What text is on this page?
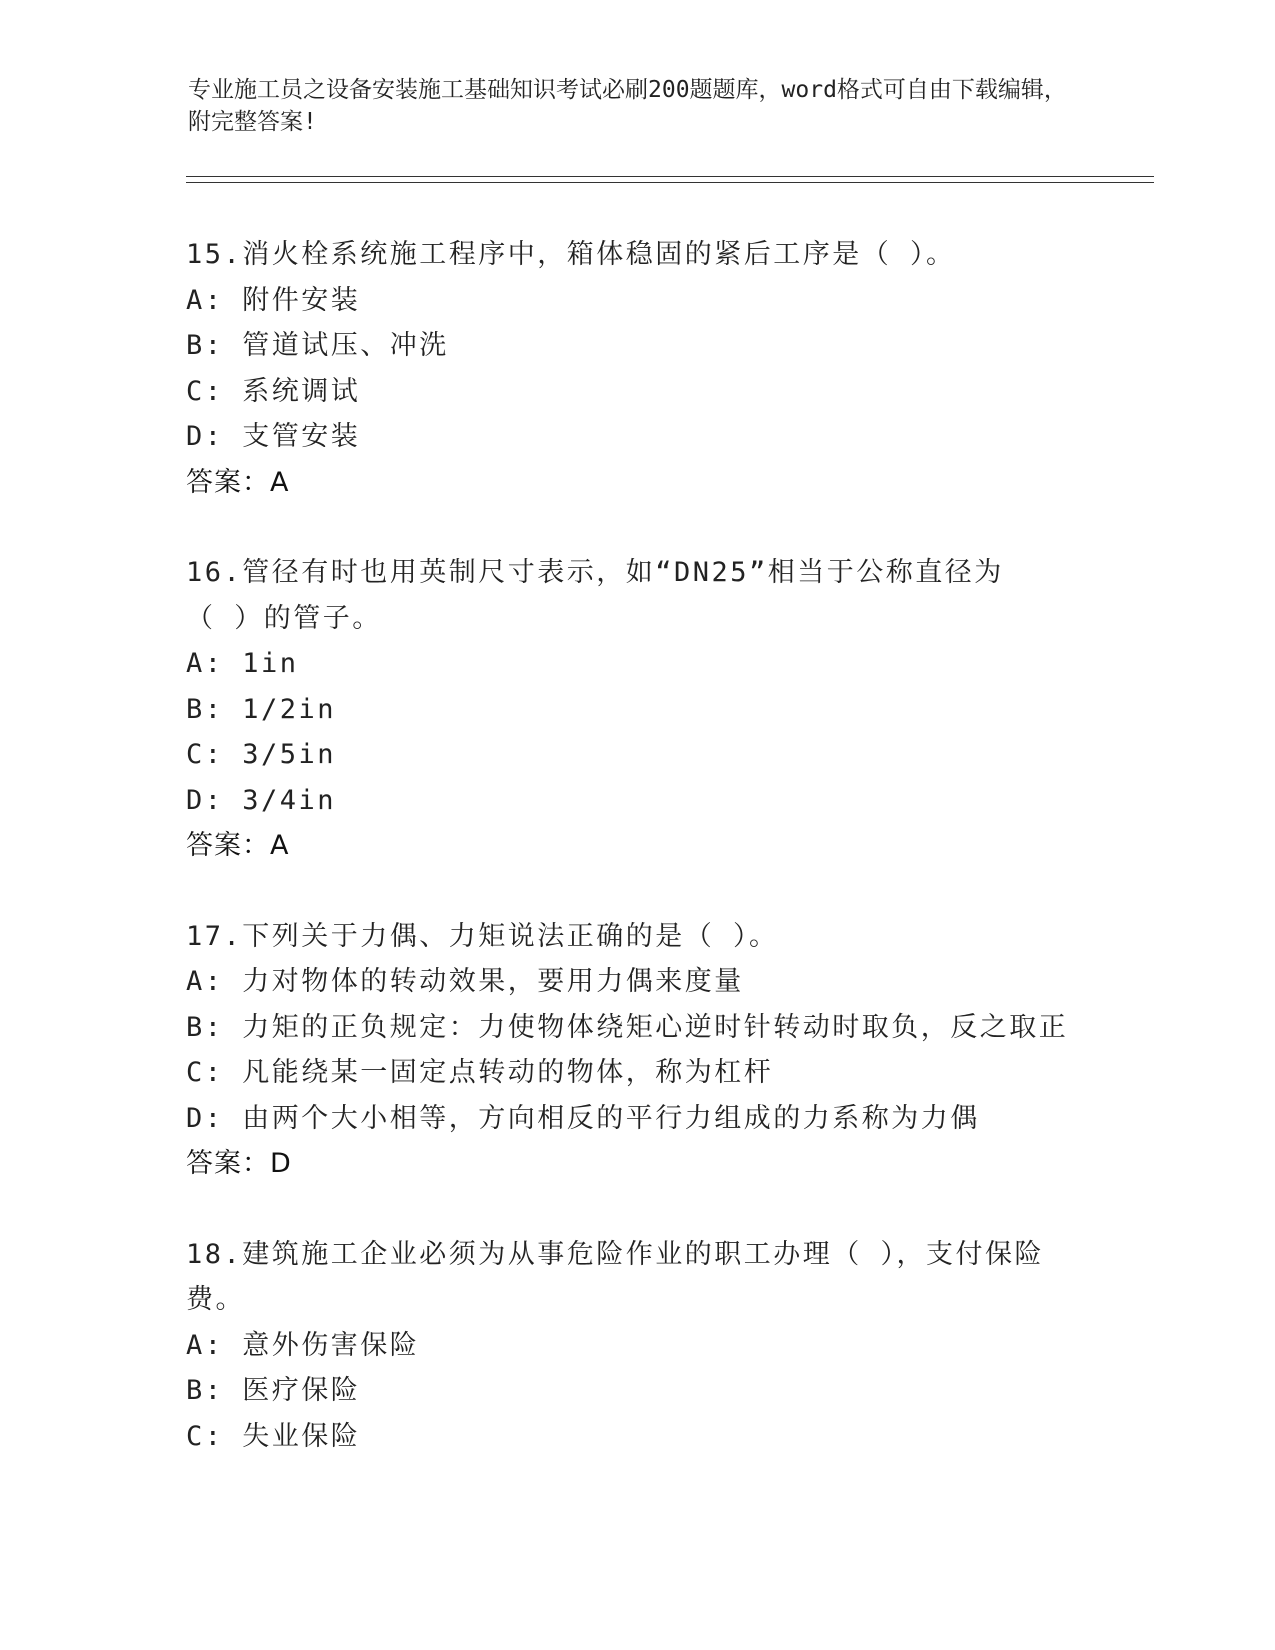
专业施工员之设备安装施工基础知识考试必刷200题题库，word格式可自由下载编辑，附完整答案!
15.消火栓系统施工程序中，箱体稳固的紧后工序是（ ）。
A: 附件安装
B: 管道试压、冲洗
C: 系统调试
D: 支管安装
答案：A
16.管径有时也用英制尺寸表示，如“DN25”相当于公称直径为（ ）的管子。
A: 1in
B: 1/2in
C: 3/5in
D: 3/4in
答案：A
17.下列关于力偶、力矩说法正确的是（ ）。
A: 力对物体的转动效果，要用力偶来度量
B: 力矩的正负规定：力使物体绕矩心逆时针转动时取负，反之取正
C: 凡能绕某一固定点转动的物体，称为杠杆
D: 由两个大小相等，方向相反的平行力组成的力系称为力偶
答案：D
18.建筑施工企业必须为从事危险作业的职工办理（ ），支付保险费。
A: 意外伤害保险
B: 医疗保险
C: 失业保险
